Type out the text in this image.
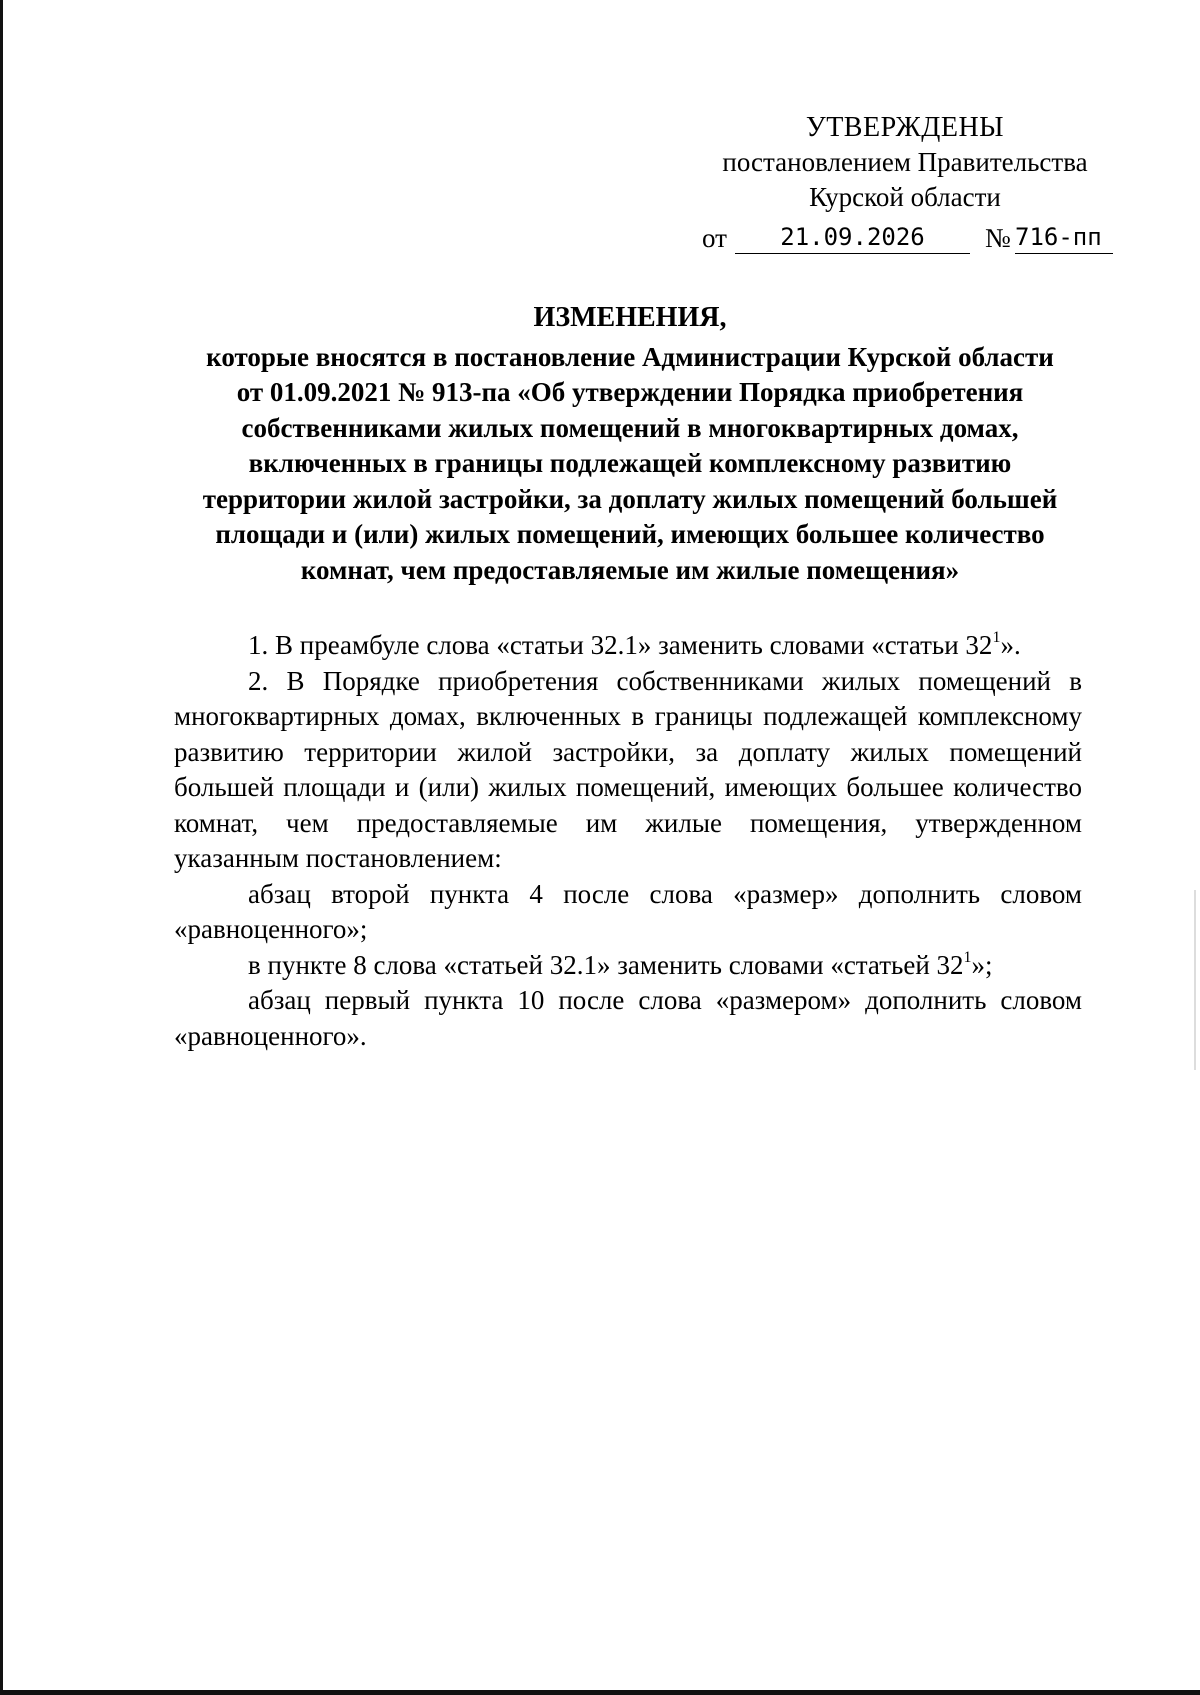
УТВЕРЖДЕНЫ
постановлением Правительства
Курской области
от	21.09.2026	№ 716-пп
ИЗМЕНЕНИЯ,
которые вносятся в постановление Администрации Курской области
от 01.09.2021 № 913-па «Об утверждении Порядка приобретения
собственниками жилых помещений в многоквартирных домах,
включенных в границы подлежащей комплексному развитию
территории жилой застройки, за доплату жилых помещений большей
площади и (или) жилых помещений, имеющих большее количество
комнат, чем предоставляемые им жилые помещения»

1. В преамбуле слова «статьи 32.1» заменить словами «статьи $32^1$».

2. В Порядке приобретения собственниками жилых помещений в многоквартирных домах, включенных в границы подлежащей комплексному развитию территории жилой застройки, за доплату жилых помещений большей площади и (или) жилых помещений, имеющих большее количество комнат, чем предоставляемые им жилые помещения, утвержденном указанным постановлением:

абзац второй пункта 4 после слова «размер» дополнить словом «равноценного»;

в пункте 8 слова «статьей 32.1» заменить словами «статьей $32^1$»;

абзац первый пункта 10 после слова «размером» дополнить словом «равноценного».
